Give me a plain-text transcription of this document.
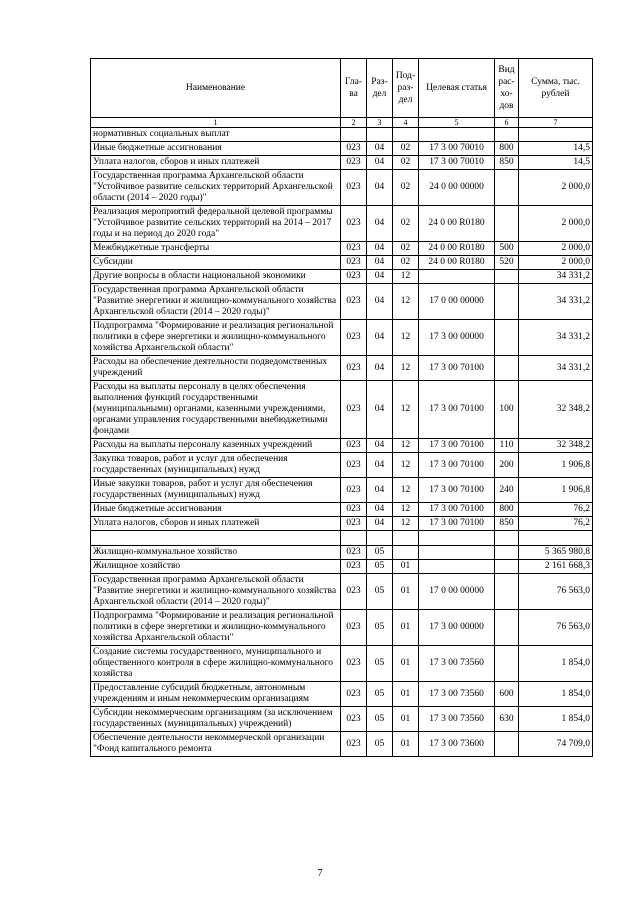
Наименование	Гла-ва	Раз-дел	Под-раз-дел	Целевая статья	Вид рас-хо-дов	Сумма, тыс. рублей
1	2	3	4	5	6	7
нормативных социальных выплат						
Иные бюджетные ассигнования	023	04	02	17 3 00 70010	800	14,5
Уплата налогов, сборов и иных платежей	023	04	02	17 3 00 70010	850	14,5
Государственная программа Архангельской области "Устойчивое развитие сельских территорий Архангельской области (2014 – 2020 годы)"	023	04	02	24 0 00 00000		2 000,0
Реализация мероприятий федеральной целевой программы "Устойчивое развитие сельских территорий на 2014 – 2017 годы и на период до 2020 года"	023	04	02	24 0 00 R0180		2 000,0
Межбюджетные трансферты	023	04	02	24 0 00 R0180	500	2 000,0
Субсидии	023	04	02	24 0 00 R0180	520	2 000,0
Другие вопросы в области национальной экономики	023	04	12			34 331,2
Государственная программа Архангельской области "Развитие энергетики и жилищно-коммунального хозяйства Архангельской области (2014 – 2020 годы)"	023	04	12	17 0 00 00000		34 331,2
Подпрограмма "Формирование и реализация региональной политики в сфере энергетики и жилищно-коммунального хозяйства Архангельской области"	023	04	12	17 3 00 00000		34 331,2
Расходы на обеспечение деятельности подведомственных учреждений	023	04	12	17 3 00 70100		34 331,2
Расходы на выплаты персоналу в целях обеспечения выполнения функций государственными (муниципальными) органами, казенными учреждениями, органами управления государственными внебюджетными фондами	023	04	12	17 3 00 70100	100	32 348,2
Расходы на выплаты персоналу казенных учреждений	023	04	12	17 3 00 70100	110	32 348,2
Закупка товаров, работ и услуг для обеспечения государственных (муниципальных) нужд	023	04	12	17 3 00 70100	200	1 906,8
Иные закупки товаров, работ и услуг для обеспечения государственных (муниципальных) нужд	023	04	12	17 3 00 70100	240	1 906,8
Иные бюджетные ассигнования	023	04	12	17 3 00 70100	800	76,2
Уплата налогов, сборов и иных платежей	023	04	12	17 3 00 70100	850	76,2

Жилищно-коммунальное хозяйство	023	05				5 365 980,8
Жилищное хозяйство	023	05	01			2 161 668,3
Государственная программа Архангельской области "Развитие энергетики и жилищно-коммунального хозяйства Архангельской области (2014 – 2020 годы)"	023	05	01	17 0 00 00000		76 563,0
Подпрограмма "Формирование и реализация региональной политики в сфере энергетики и жилищно-коммунального хозяйства Архангельской области"	023	05	01	17 3 00 00000		76 563,0
Создание системы государственного, муниципального и общественного контроля в сфере жилищно-коммунального хозяйства	023	05	01	17 3 00 73560		1 854,0
Предоставление субсидий бюджетным, автономным учреждениям и иным некоммерческим организациям	023	05	01	17 3 00 73560	600	1 854,0
Субсидии некоммерческим организациям (за исключением государственных (муниципальных) учреждений)	023	05	01	17 3 00 73560	630	1 854,0
Обеспечение деятельности некоммерческой организации "Фонд капитального ремонта	023	05	01	17 3 00 73600		74 709,0
7
